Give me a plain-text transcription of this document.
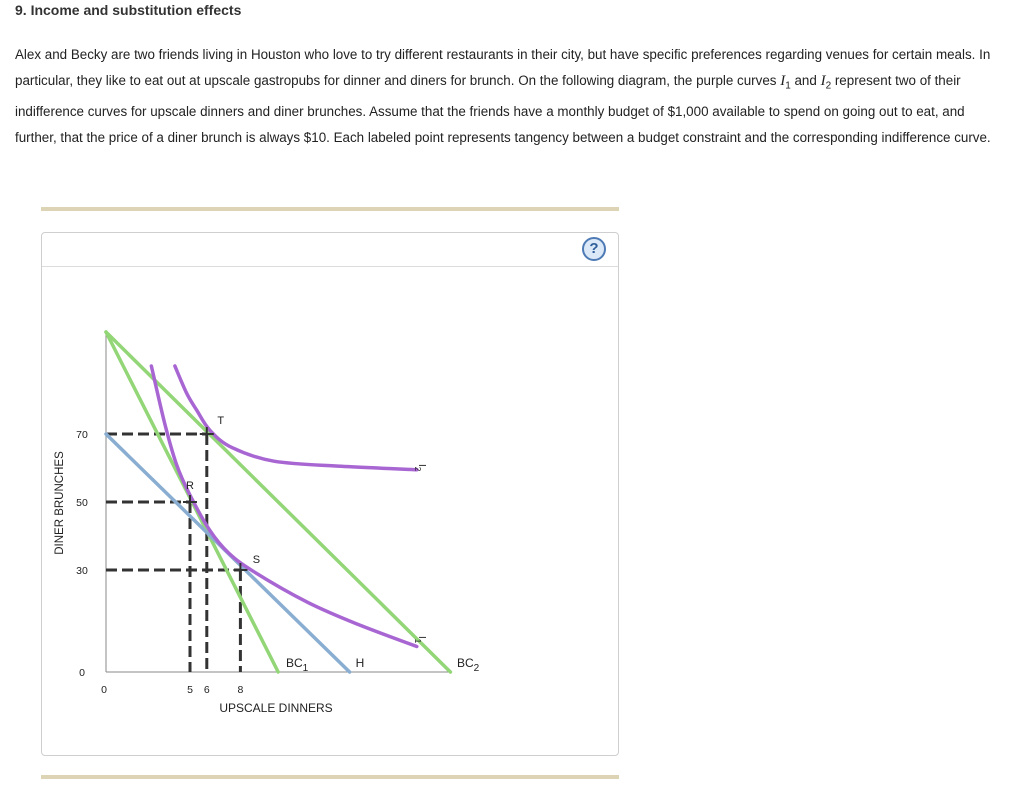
9. Income and substitution effects
Alex and Becky are two friends living in Houston who love to try different restaurants in their city, but have specific preferences regarding venues for certain meals. In particular, they like to eat out at upscale gastropubs for dinner and diners for brunch. On the following diagram, the purple curves $I_1$ and $I_2$ represent two of their indifference curves for upscale dinners and diner brunches. Assume that the friends have a monthly budget of $1,000 available to spend on going out to eat, and further, that the price of a diner brunch is always $10. Each labeled point represents tangency between a budget constraint and the corresponding indifference curve.
?
0	5 6	8
0
30
50
70
UPSCALE DINNERS
DINER BRUNCHES	R
T
S
$BC_1$	H	$BC_2$
$I_2$
$I_1$
